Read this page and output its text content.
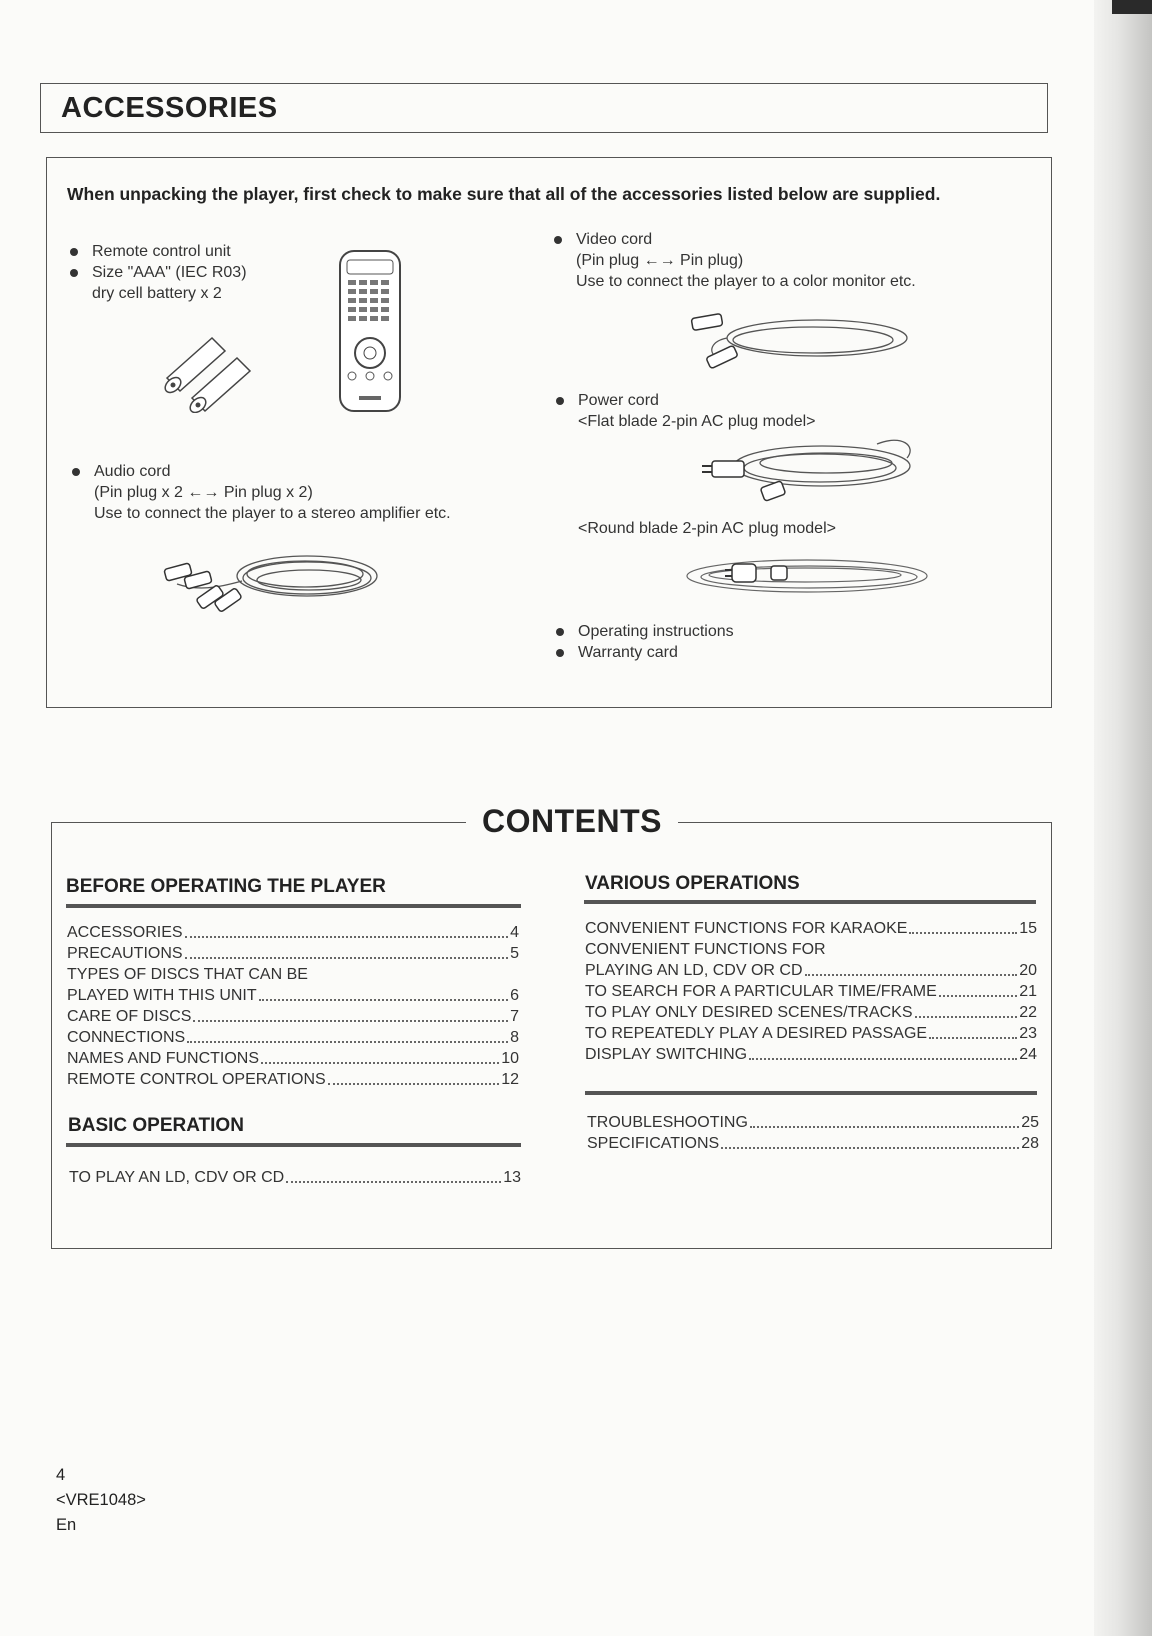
ACCESSORIES
When unpacking the player, first check to make sure that all of the accessories listed below are supplied.
Remote control unit
Size "AAA" (IEC R03)
dry cell battery x 2
Audio cord
(Pin plug x 2 ←→ Pin plug x 2)
Use to connect the player to a stereo amplifier etc.
Video cord
(Pin plug ←→ Pin plug)
Use to connect the player to a color monitor etc.
Power cord
<Flat blade 2-pin AC plug model>
<Round blade 2-pin AC plug model>
Operating instructions
Warranty card
CONTENTS
BEFORE OPERATING THE PLAYER
ACCESSORIES	4
PRECAUTIONS	5
TYPES OF DISCS THAT CAN BE
PLAYED WITH THIS UNIT	6
CARE OF DISCS	7
CONNECTIONS	8
NAMES AND FUNCTIONS	10
REMOTE CONTROL OPERATIONS	12
BASIC OPERATION
TO PLAY AN LD, CDV OR CD	13
VARIOUS OPERATIONS
CONVENIENT FUNCTIONS FOR KARAOKE	15
CONVENIENT FUNCTIONS FOR
PLAYING AN LD, CDV OR CD	20
TO SEARCH FOR A PARTICULAR TIME/FRAME	21
TO PLAY ONLY DESIRED SCENES/TRACKS	22
TO REPEATEDLY PLAY A DESIRED PASSAGE	23
DISPLAY SWITCHING	24
TROUBLESHOOTING	25
SPECIFICATIONS	28
4
<VRE1048>
En
